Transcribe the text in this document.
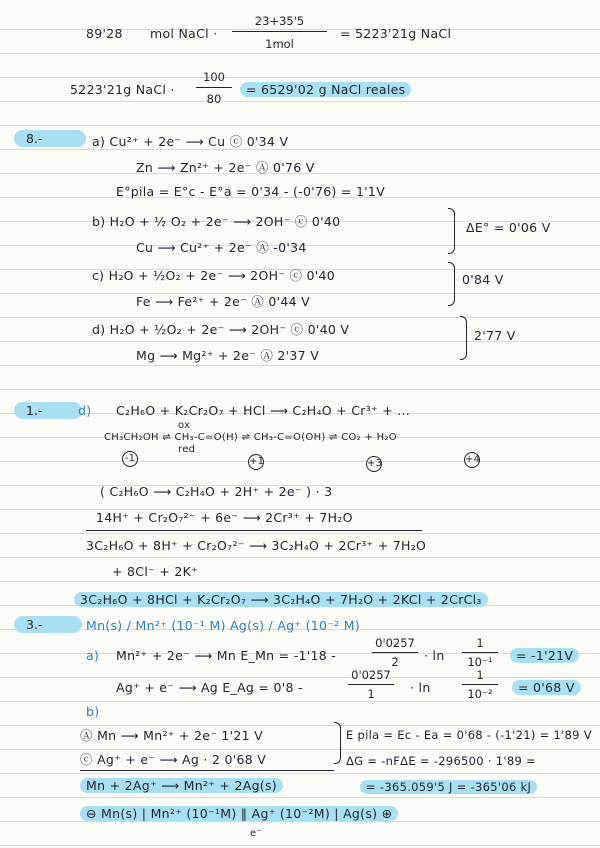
89'28 mol NaCl ·
23+35'5
1mol
= 5223'21g NaCl
5223'21g NaCl · $\frac{100}{80}$	= 6529'02 g NaCl reales
8.-	a) Cu²⁺ + 2e⁻ ⟶ Cu ⓒ 0'34 V
Zn ⟶ Zn²⁺ + 2e⁻ Ⓐ 0'76 V
E°pila = E°c - E°a = 0'34 - (-0'76) = 1'1V
b) H₂O + ½ O₂ + 2e⁻ ⟶ 2OH⁻ ⓒ 0'40	ΔE° = 0'06 V
Cu ⟶ Cu²⁺ + 2e⁻ Ⓐ -0'34
c) H₂O + ½O₂ + 2e⁻ ⟶ 2OH⁻ ⓒ 0'40	0'84 V
Fe ⟶ Fe²⁺ + 2e⁻ Ⓐ 0'44 V
d) H₂O + ½O₂ + 2e⁻ ⟶ 2OH⁻ ⓒ 0'40 V	2'77 V
Mg ⟶ Mg²⁺ + 2e⁻ Ⓐ 2'37 V
1.-	d) C₂H₆O + K₂Cr₂O₇ + HCl ⟶ C₂H₄O + Cr³⁺ + ...
CH₃CH₂OH ⇌ CH₃-C=O(H) ⇌ CH₃-C=O(OH) ⇌ CO₂ + H₂O
ox
red
-1	+1	+3	+4
( C₂H₆O ⟶ C₂H₄O + 2H⁺ + 2e⁻ ) · 3
14H⁺ + Cr₂O₇²⁻ + 6e⁻ ⟶ 2Cr³⁺ + 7H₂O
3C₂H₆O + 8H⁺ + Cr₂O₇²⁻ ⟶ 3C₂H₄O + 2Cr³⁺ + 7H₂O
+ 8Cl⁻ + 2K⁺
3C₂H₆O + 8HCl + K₂Cr₂O₇ ⟶ 3C₂H₄O + 7H₂O + 2KCl + 2CrCl₃
3.-	Mn(s) / Mn²⁺ (10⁻¹ M) Ag(s) / Ag⁺ (10⁻² M)
a) Mn²⁺ + 2e⁻ ⟶ Mn E_Mn = -1'18 -	$\frac{0'0257}{2} \cdot \ln \frac{1}{\text{10⁻¹}}$	= -1'21V
Ag⁺ + e⁻ ⟶ Ag E_Ag = 0'8 -	$\frac{0'0257}{1} \cdot \ln$	$\frac{1}{\text{10⁻²}}$	= 0'68 V
b)
Ⓐ Mn ⟶ Mn²⁺ + 2e⁻ 1'21 V	E pila = Ec - Ea = 0'68 - (-1'21) = 1'89 V
ⓒ Ag⁺ + e⁻ ⟶ Ag · 2 0'68 V	ΔG = -nFΔE = -296500 · 1'89 =
Mn + 2Ag⁺ ⟶ Mn²⁺ + 2Ag(s)	= -365.059'5 J = -365'06 kJ
⊖ Mn(s) | Mn²⁺ (10⁻¹M) ‖ Ag⁺ (10⁻²M) | Ag(s) ⊕
e⁻
